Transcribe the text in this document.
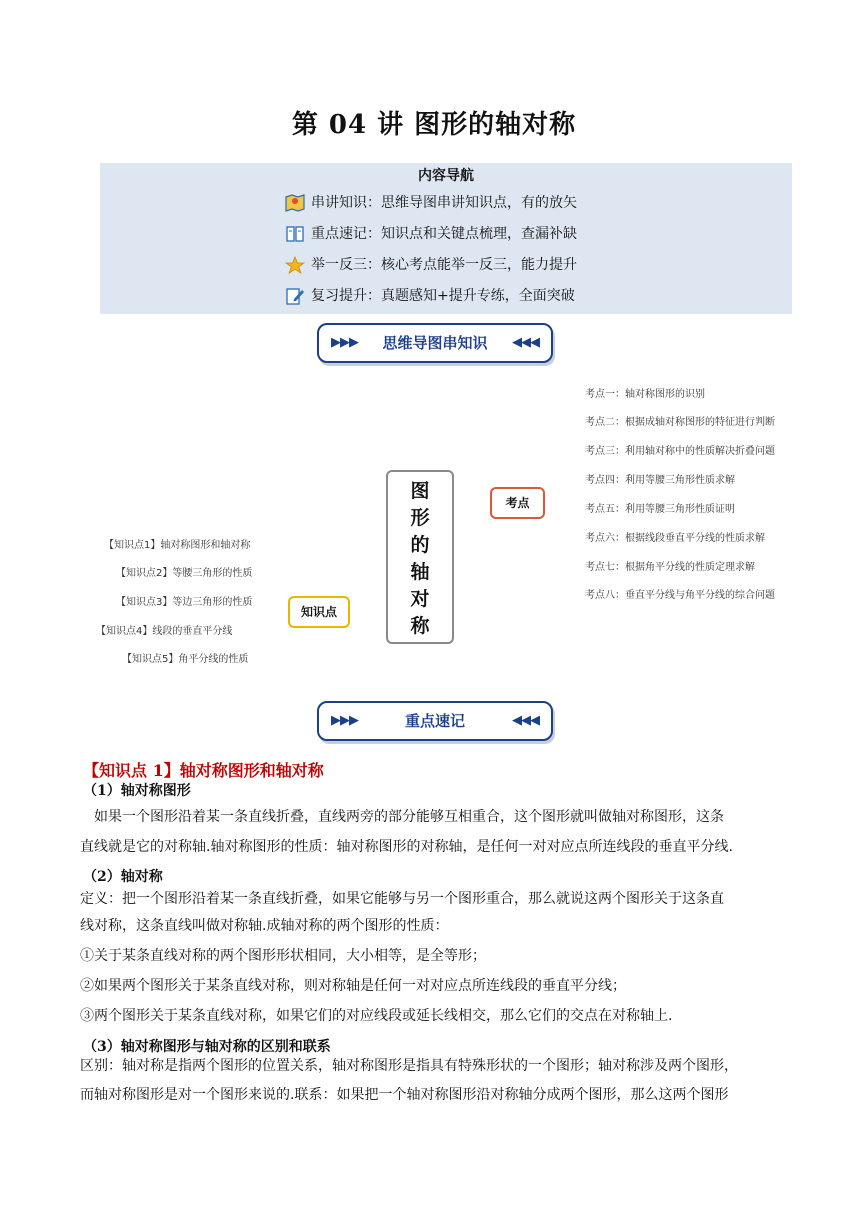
第 04 讲 图形的轴对称
内容导航
串讲知识：思维导图串讲知识点，有的放矢
重点速记：知识点和关键点梳理，查漏补缺
举一反三：核心考点能举一反三，能力提升
复习提升：真题感知+提升专练，全面突破
▶▶▶	思维导图串知识	◀◀◀
图
形
的
轴
对
称
知识点
考点
【知识点1】轴对称图形和轴对称
【知识点2】等腰三角形的性质
【知识点3】等边三角形的性质
【知识点4】线段的垂直平分线
【知识点5】角平分线的性质
考点一：轴对称图形的识别
考点二：根据成轴对称图形的特征进行判断
考点三：利用轴对称中的性质解决折叠问题
考点四：利用等腰三角形性质求解
考点五：利用等腰三角形性质证明
考点六：根据线段垂直平分线的性质求解
考点七：根据角平分线的性质定理求解
考点八：垂直平分线与角平分线的综合问题
▶▶▶	重点速记	◀◀◀
【知识点 1】轴对称图形和轴对称
（1）轴对称图形
如果一个图形沿着某一条直线折叠，直线两旁的部分能够互相重合，这个图形就叫做轴对称图形，这条
直线就是它的对称轴.轴对称图形的性质：轴对称图形的对称轴，是任何一对对应点所连线段的垂直平分线.
（2）轴对称
定义：把一个图形沿着某一条直线折叠，如果它能够与另一个图形重合，那么就说这两个图形关于这条直
线对称，这条直线叫做对称轴.成轴对称的两个图形的性质：
①关于某条直线对称的两个图形形状相同，大小相等，是全等形；
②如果两个图形关于某条直线对称，则对称轴是任何一对对应点所连线段的垂直平分线；
③两个图形关于某条直线对称，如果它们的对应线段或延长线相交，那么它们的交点在对称轴上.
（3）轴对称图形与轴对称的区别和联系
区别：轴对称是指两个图形的位置关系，轴对称图形是指具有特殊形状的一个图形；轴对称涉及两个图形，
而轴对称图形是对一个图形来说的.联系：如果把一个轴对称图形沿对称轴分成两个图形，那么这两个图形
